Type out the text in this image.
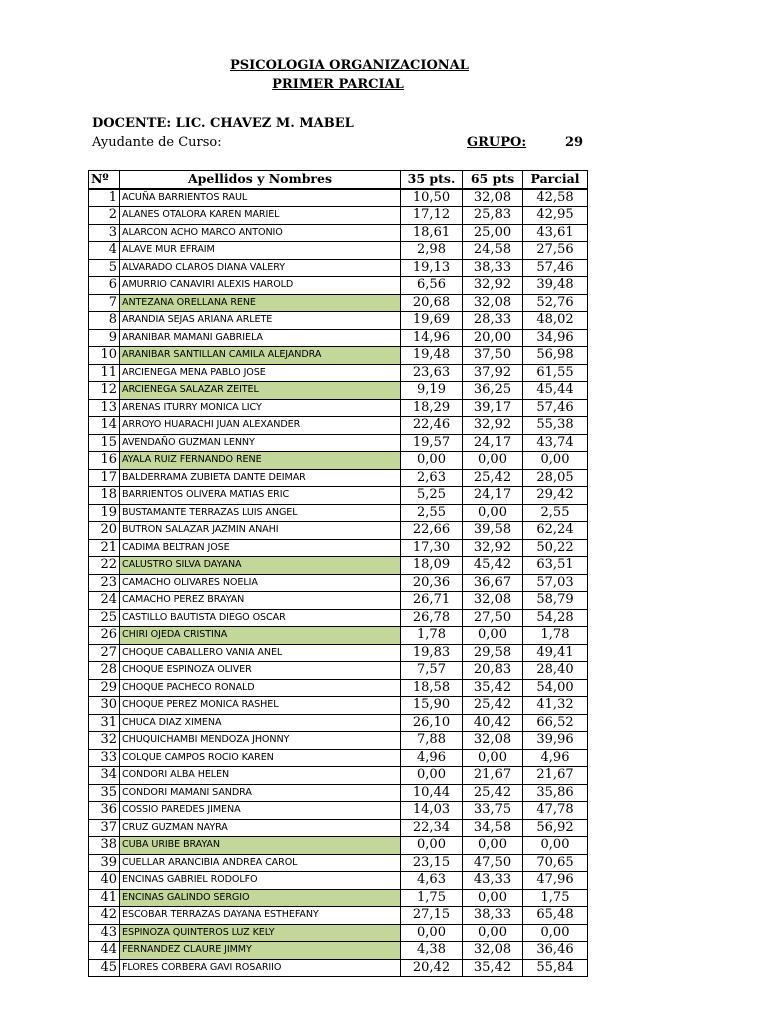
PSICOLOGIA ORGANIZACIONAL
PRIMER PARCIAL
DOCENTE: LIC. CHAVEZ M. MABEL
Ayudante de Curso:	GRUPO:	29
Nº	Apellidos y Nombres	35 pts.	65 pts	Parcial
1	ACUÑA BARRIENTOS RAUL	10,50	32,08	42,58
2	ALANES OTALORA KAREN MARIEL	17,12	25,83	42,95
3	ALARCON ACHO MARCO ANTONIO	18,61	25,00	43,61
4	ALAVE MUR EFRAIM	2,98	24,58	27,56
5	ALVARADO CLAROS DIANA VALERY	19,13	38,33	57,46
6	AMURRIO CANAVIRI ALEXIS HAROLD	6,56	32,92	39,48
7	ANTEZANA ORELLANA RENE	20,68	32,08	52,76
8	ARANDIA SEJAS ARIANA ARLETE	19,69	28,33	48,02
9	ARANIBAR MAMANI GABRIELA	14,96	20,00	34,96
10	ARANIBAR SANTILLAN CAMILA ALEJANDRA	19,48	37,50	56,98
11	ARCIENEGA MENA PABLO JOSE	23,63	37,92	61,55
12	ARCIENEGA SALAZAR ZEITEL	9,19	36,25	45,44
13	ARENAS ITURRY MONICA LICY	18,29	39,17	57,46
14	ARROYO HUARACHI JUAN ALEXANDER	22,46	32,92	55,38
15	AVENDAÑO GUZMAN LENNY	19,57	24,17	43,74
16	AYALA RUIZ FERNANDO RENE	0,00	0,00	0,00
17	BALDERRAMA ZUBIETA DANTE DEIMAR	2,63	25,42	28,05
18	BARRIENTOS OLIVERA MATIAS ERIC	5,25	24,17	29,42
19	BUSTAMANTE TERRAZAS LUIS ANGEL	2,55	0,00	2,55
20	BUTRON SALAZAR JAZMIN ANAHI	22,66	39,58	62,24
21	CADIMA BELTRAN JOSE	17,30	32,92	50,22
22	CALUSTRO SILVA DAYANA	18,09	45,42	63,51
23	CAMACHO OLIVARES NOELIA	20,36	36,67	57,03
24	CAMACHO PEREZ BRAYAN	26,71	32,08	58,79
25	CASTILLO BAUTISTA DIEGO OSCAR	26,78	27,50	54,28
26	CHIRI OJEDA CRISTINA	1,78	0,00	1,78
27	CHOQUE CABALLERO VANIA ANEL	19,83	29,58	49,41
28	CHOQUE ESPINOZA OLIVER	7,57	20,83	28,40
29	CHOQUE PACHECO RONALD	18,58	35,42	54,00
30	CHOQUE PEREZ MONICA RASHEL	15,90	25,42	41,32
31	CHUCA DIAZ XIMENA	26,10	40,42	66,52
32	CHUQUICHAMBI MENDOZA JHONNY	7,88	32,08	39,96
33	COLQUE CAMPOS ROCIO KAREN	4,96	0,00	4,96
34	CONDORI ALBA HELEN	0,00	21,67	21,67
35	CONDORI MAMANI SANDRA	10,44	25,42	35,86
36	COSSIO PAREDES JIMENA	14,03	33,75	47,78
37	CRUZ GUZMAN NAYRA	22,34	34,58	56,92
38	CUBA URIBE BRAYAN	0,00	0,00	0,00
39	CUELLAR ARANCIBIA ANDREA CAROL	23,15	47,50	70,65
40	ENCINAS GABRIEL RODOLFO	4,63	43,33	47,96
41	ENCINAS GALINDO SERGIO	1,75	0,00	1,75
42	ESCOBAR TERRAZAS DAYANA ESTHEFANY	27,15	38,33	65,48
43	ESPINOZA QUINTEROS LUZ KELY	0,00	0,00	0,00
44	FERNANDEZ CLAURE JIMMY	4,38	32,08	36,46
45	FLORES CORBERA GAVI ROSARIIO	20,42	35,42	55,84
